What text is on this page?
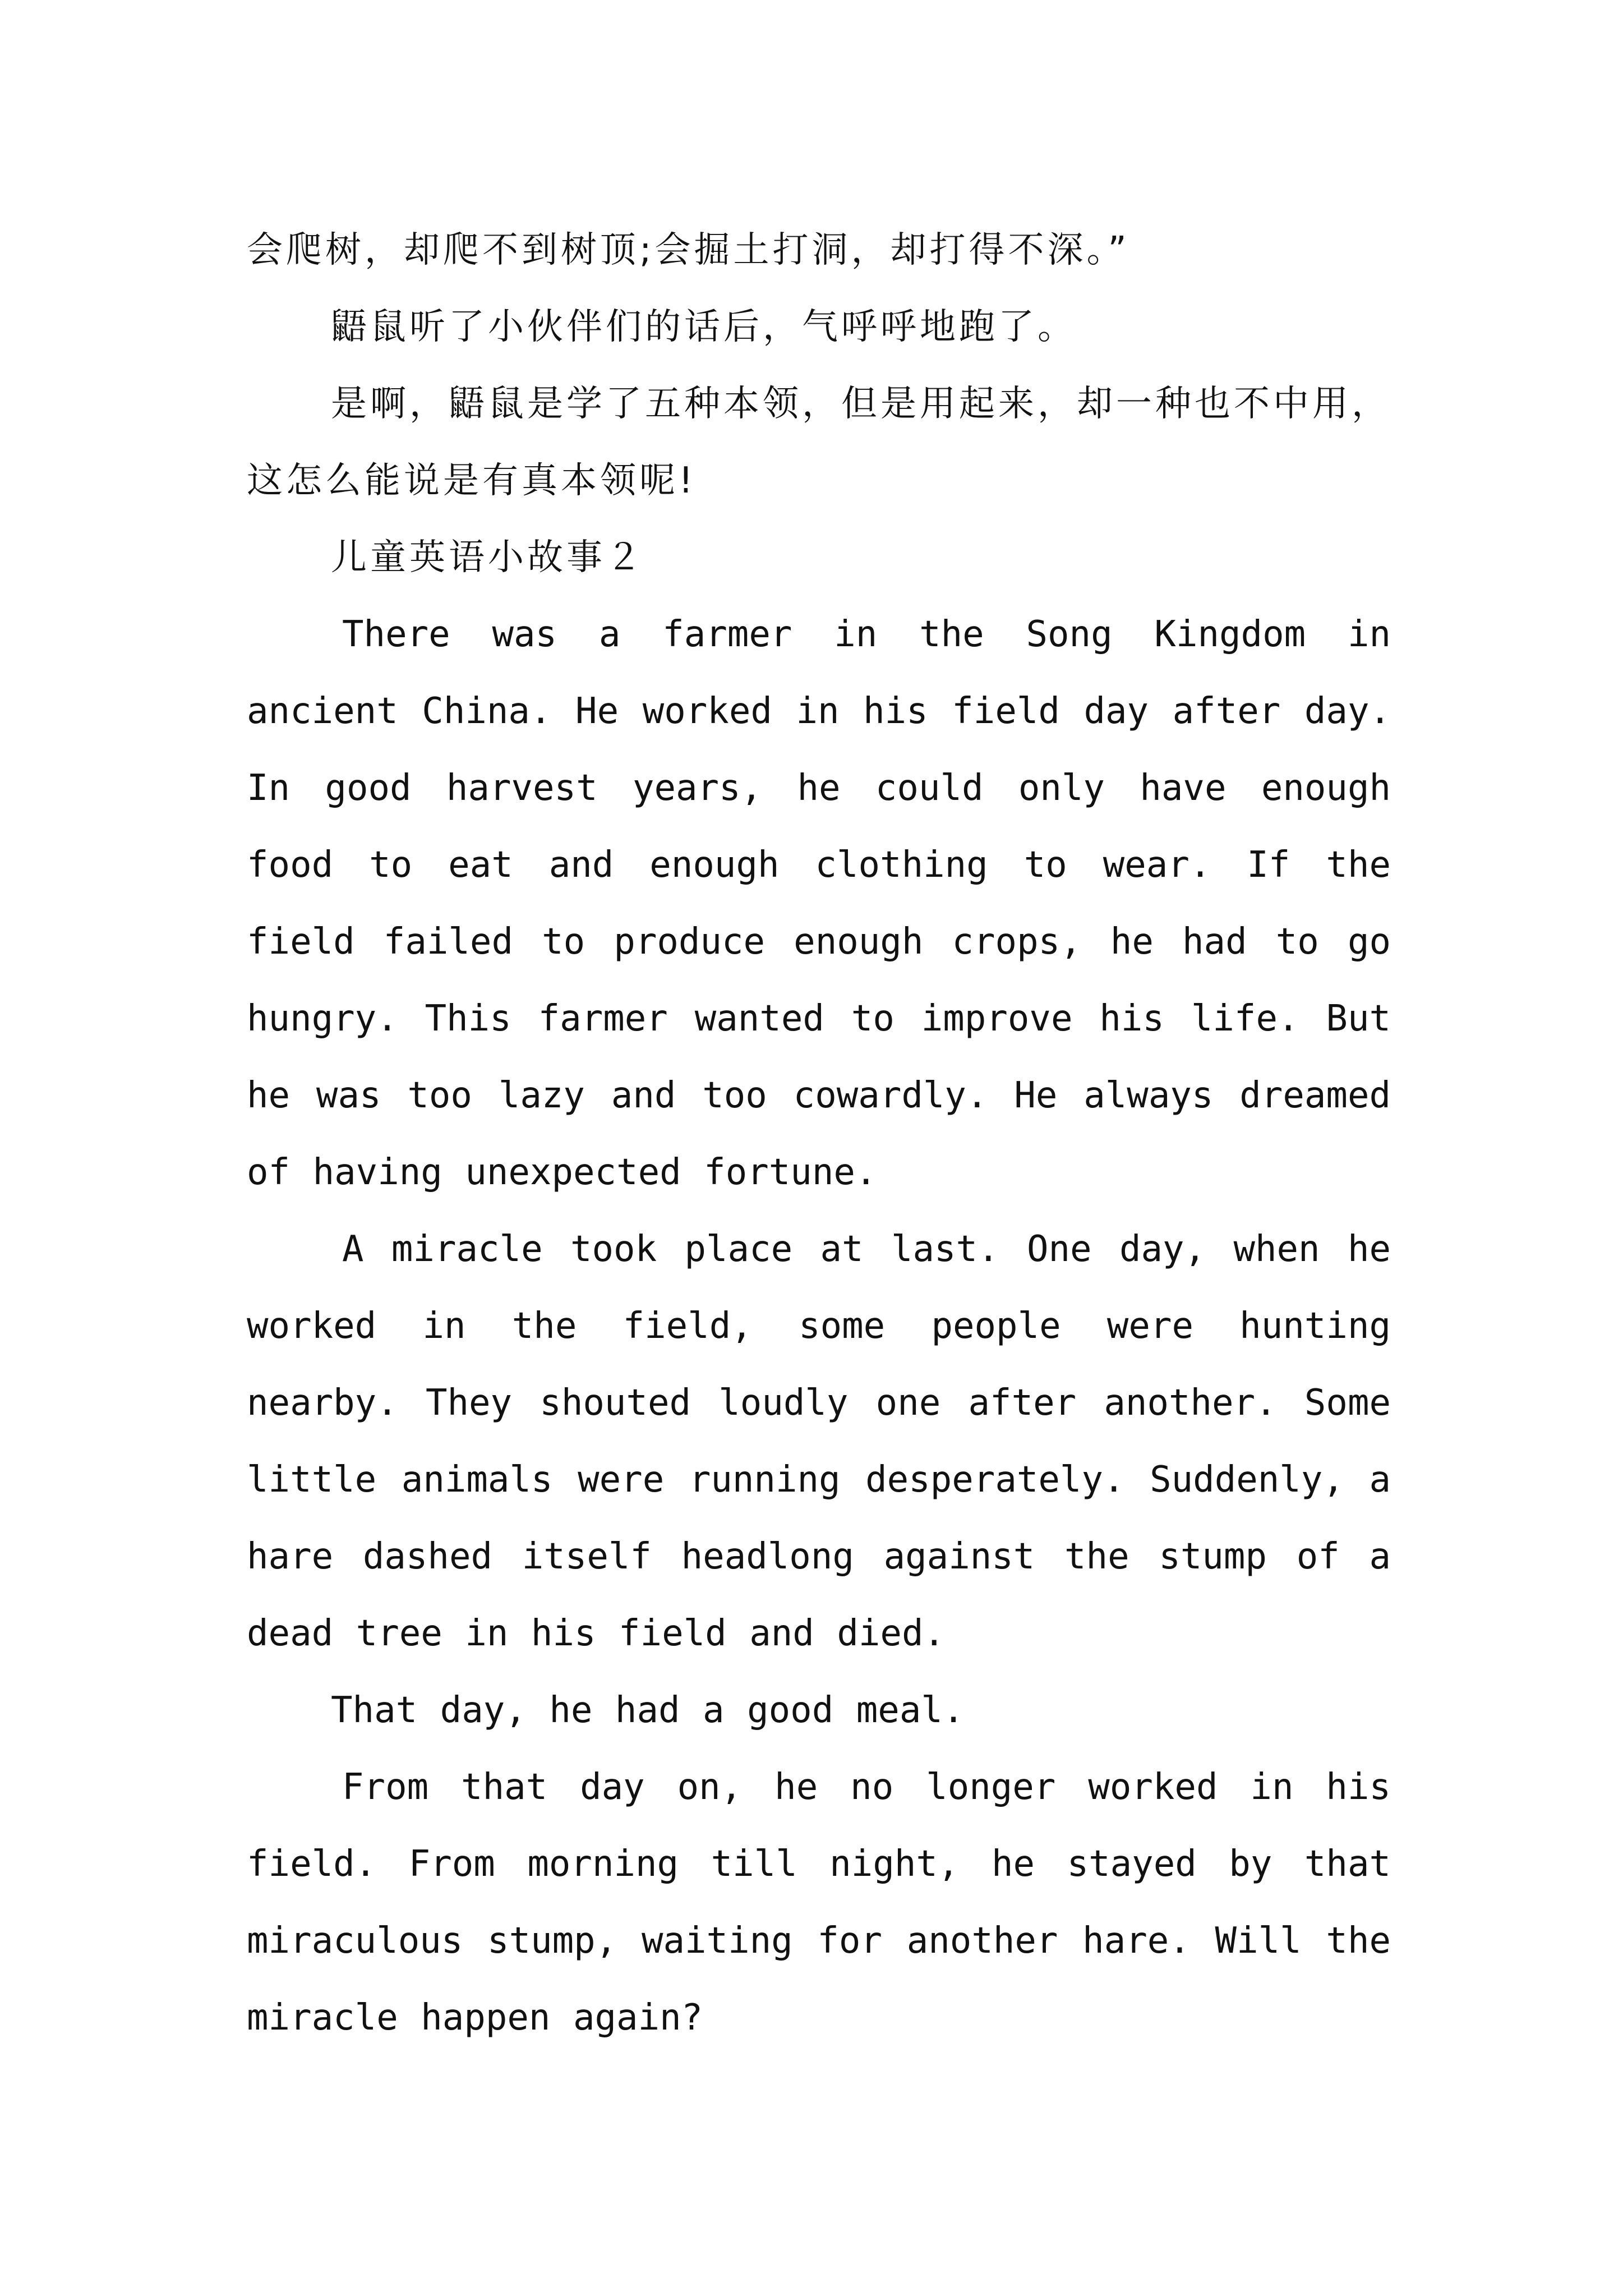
会爬树，却爬不到树顶;会掘土打洞，却打得不深。”

鼯鼠听了小伙伴们的话后，气呼呼地跑了。

是啊，鼯鼠是学了五种本领，但是用起来，却一种也不中用，这怎么能说是有真本领呢!

儿童英语小故事２

There was a farmer in the Song Kingdom in ancient China. He worked in his field day after day. In good harvest years, he could only have enough food to eat and enough clothing to wear. If the field failed to produce enough crops, he had to go hungry. This farmer wanted to improve his life. But he was too lazy and too cowardly. He always dreamed of having unexpected fortune.

A miracle took place at last. One day, when he worked in the field, some people were hunting nearby. They shouted loudly one after another. Some little animals were running desperately. Suddenly, a hare dashed itself headlong against the stump of a dead tree in his field and died.

That day, he had a good meal.

From that day on, he no longer worked in his field. From morning till night, he stayed by that miraculous stump, waiting for another hare. Will the miracle happen again?
